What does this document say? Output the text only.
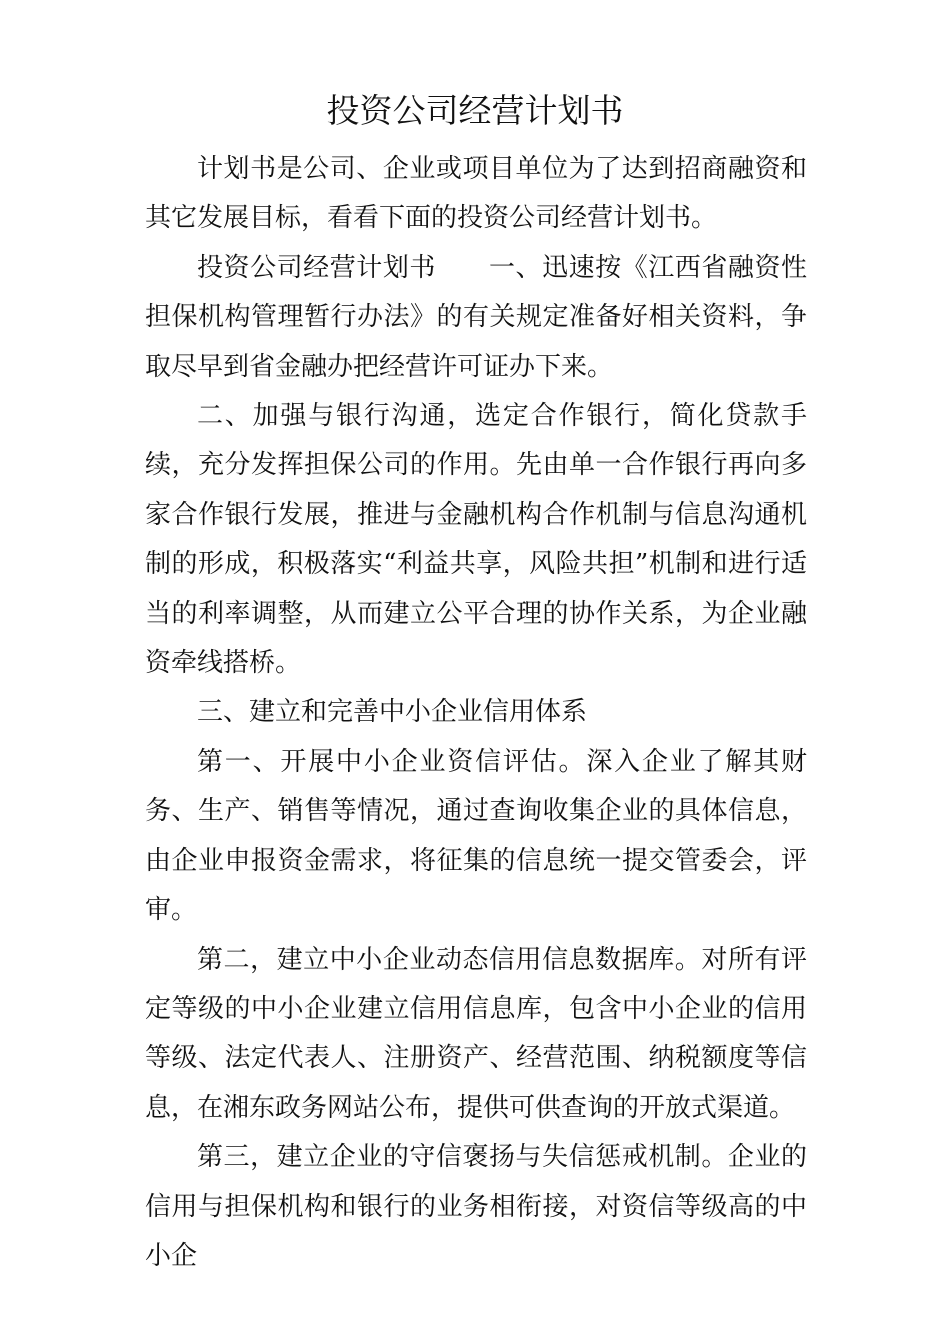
投资公司经营计划书

计划书是公司、企业或项目单位为了达到招商融资和其它发展目标，看看下面的投资公司经营计划书。

投资公司经营计划书　　一、迅速按《江西省融资性担保机构管理暂行办法》的有关规定准备好相关资料，争取尽早到省金融办把经营许可证办下来。

二、加强与银行沟通，选定合作银行，简化贷款手续，充分发挥担保公司的作用。先由单一合作银行再向多家合作银行发展，推进与金融机构合作机制与信息沟通机制的形成，积极落实“利益共享，风险共担”机制和进行适当的利率调整，从而建立公平合理的协作关系，为企业融资牵线搭桥。

三、建立和完善中小企业信用体系

第一、开展中小企业资信评估。深入企业了解其财务、生产、销售等情况，通过查询收集企业的具体信息，由企业申报资金需求，将征集的信息统一提交管委会，评审。

第二，建立中小企业动态信用信息数据库。对所有评定等级的中小企业建立信用信息库，包含中小企业的信用等级、法定代表人、注册资产、经营范围、纳税额度等信息，在湘东政务网站公布，提供可供查询的开放式渠道。

第三，建立企业的守信褒扬与失信惩戒机制。企业的信用与担保机构和银行的业务相衔接，对资信等级高的中小企
